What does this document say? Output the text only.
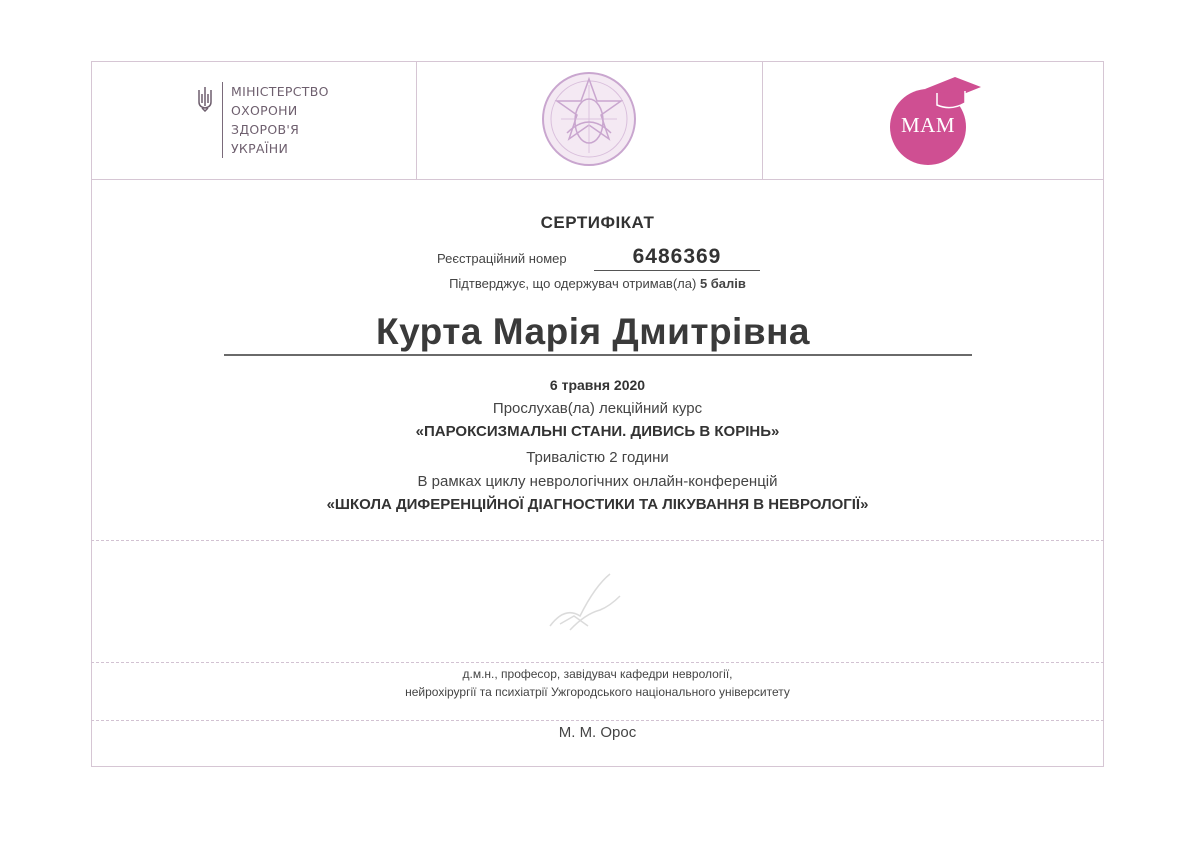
МІНІСТЕРСТВО
ОХОРОНИ
ЗДОРОВ'Я
УКРАЇНИ
МАМ
СЕРТИФІКАТ
Реєстраційний номер	6486369
Підтверджує, що одержувач отримав(ла) 5 балів
Курта Марія Дмитрівна
6 травня 2020
Прослухав(ла) лекційний курс
«ПАРОКСИЗМАЛЬНІ СТАНИ. ДИВИСЬ В КОРІНЬ»
Тривалістю 2 години
В рамках циклу неврологічних онлайн-конференцій
«ШКОЛА ДИФЕРЕНЦІЙНОЇ ДІАГНОСТИКИ ТА ЛІКУВАННЯ В НЕВРОЛОГІЇ»
д.м.н., професор, завідувач кафедри неврології,
нейрохірургії та психіатрії Ужгородського національного університету
М. М. Орос
